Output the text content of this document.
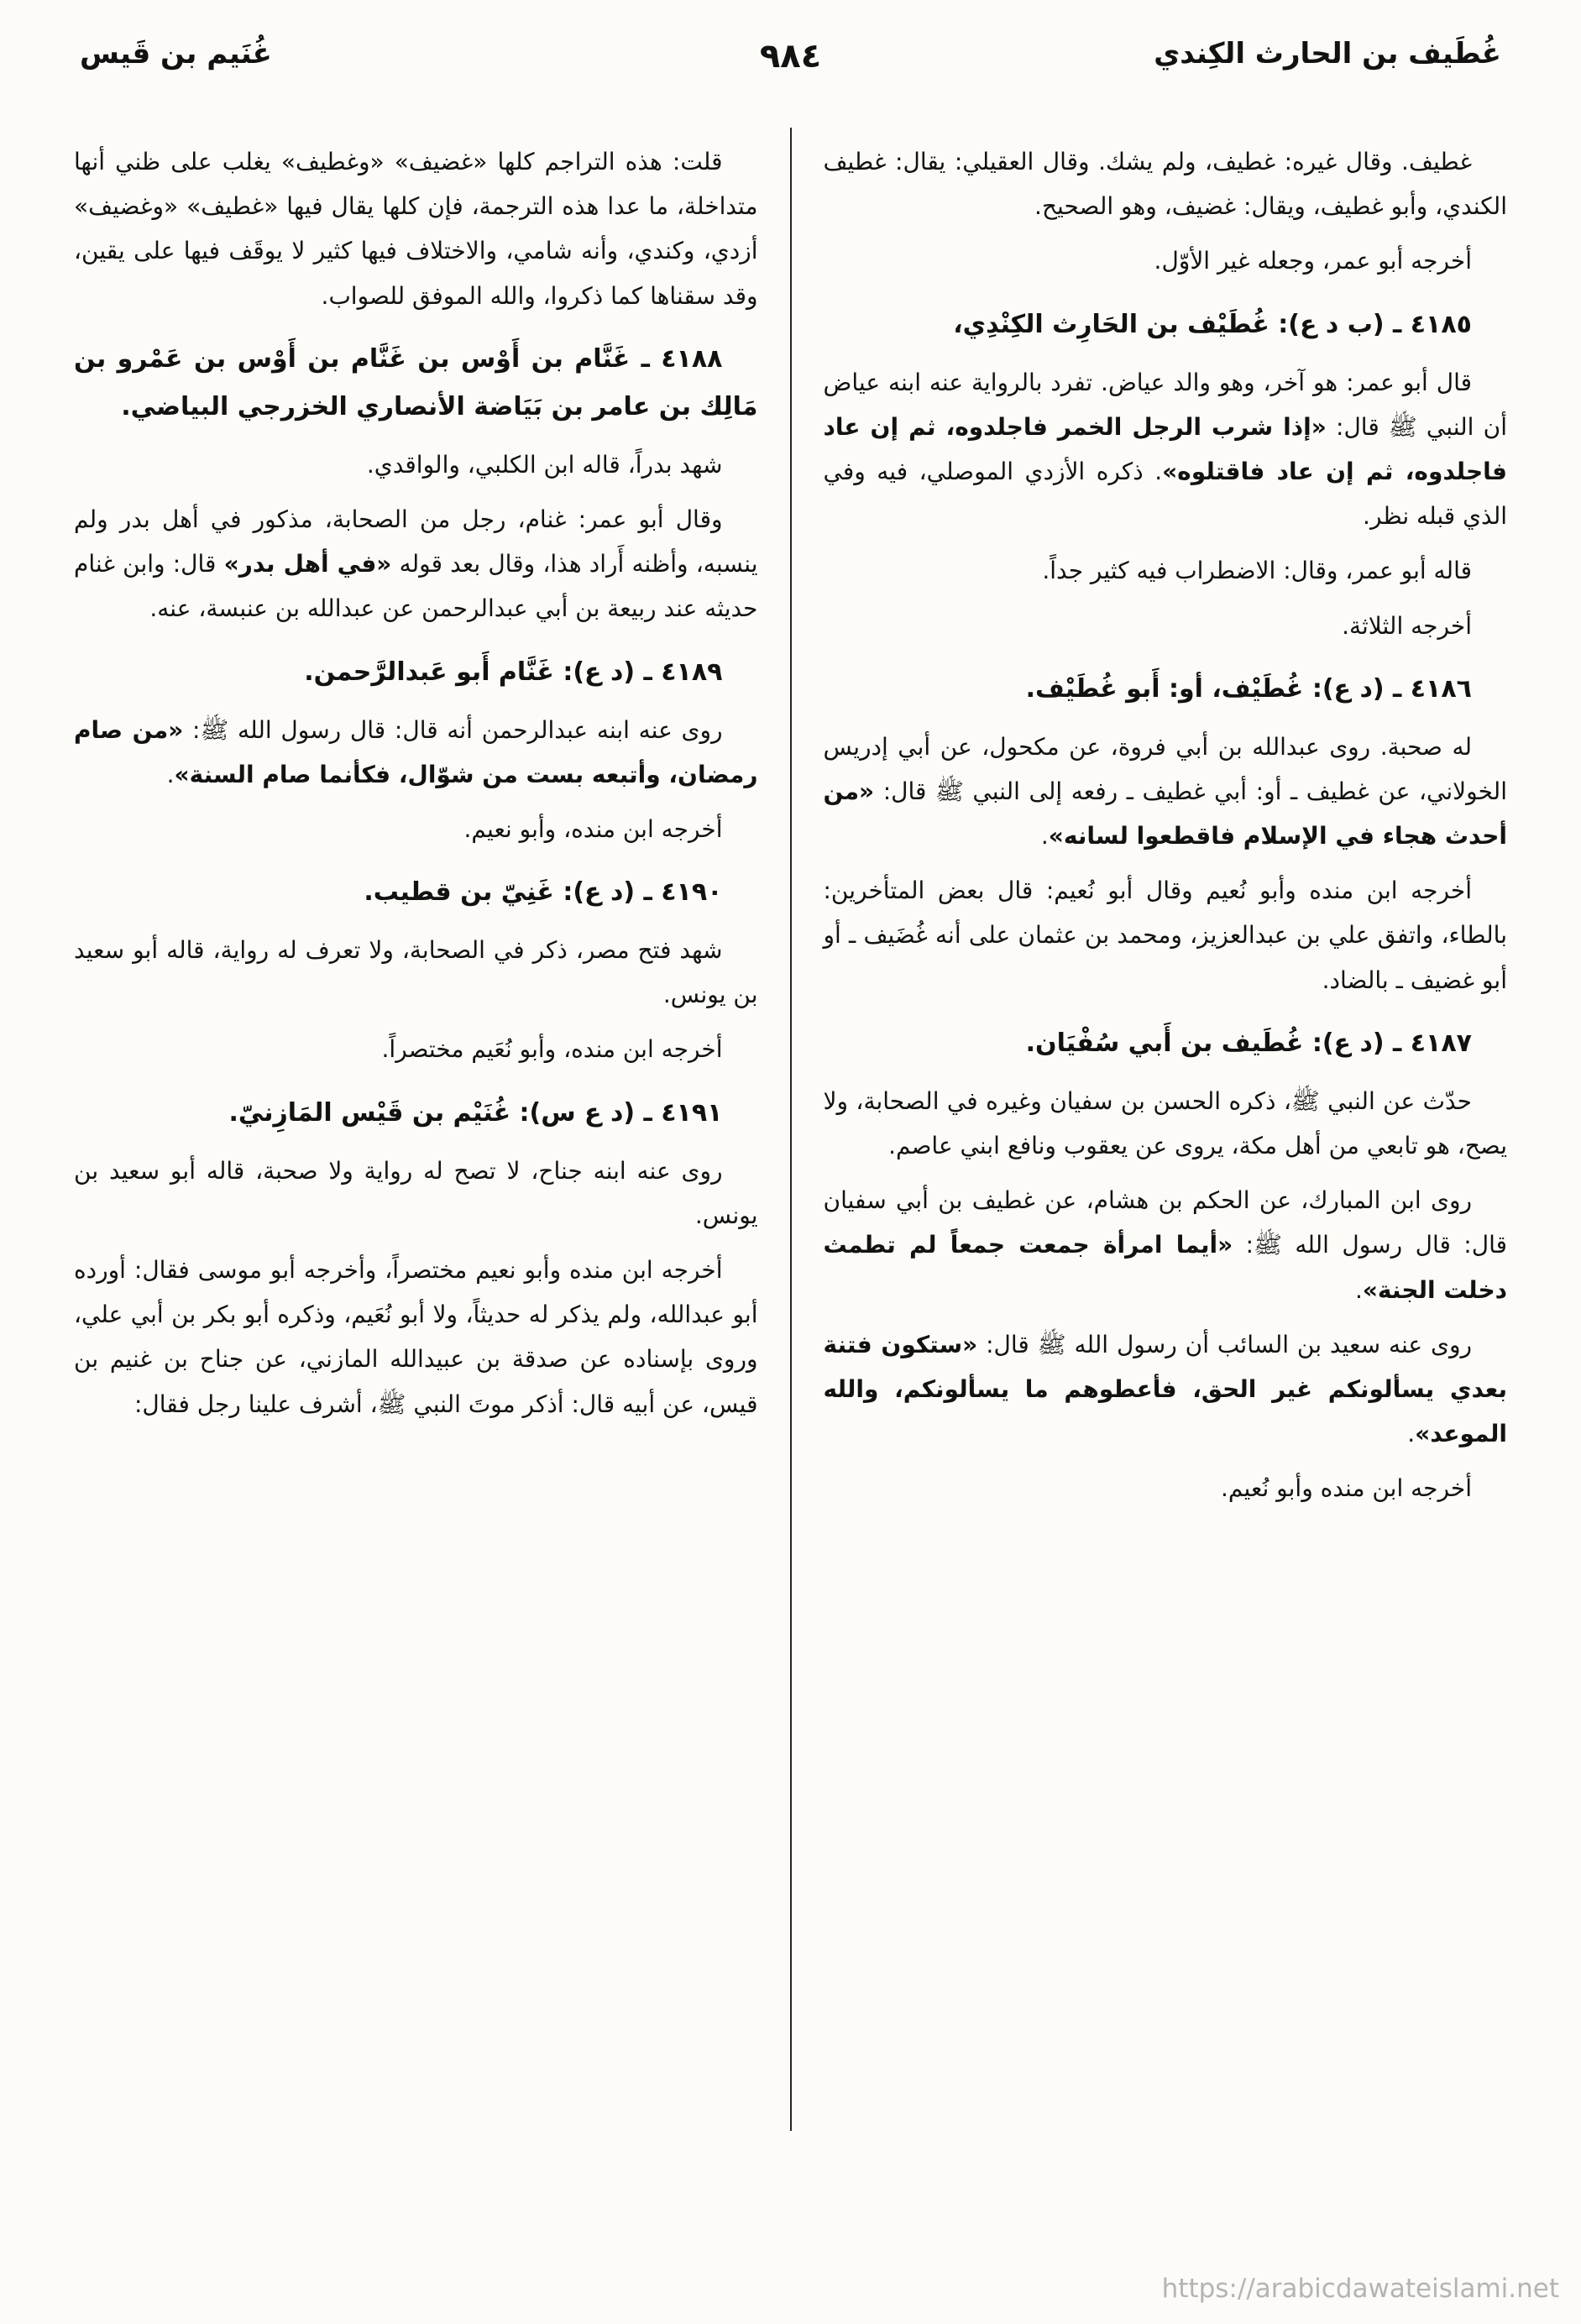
غُطَيف بن الحارث الكِندي
٩٨٤
غُنَيم بن قَيس

غطيف. وقال غيره: غطيف، ولم يشك. وقال العقيلي: يقال: غطيف الكندي، وأبو غطيف، ويقال: غضيف، وهو الصحيح.

أخرجه أبو عمر، وجعله غير الأوّل.

٤١٨٥ ـ (ب د ع): غُطَيْف بن الحَارِث الكِنْدِي،

قال أبو عمر: هو آخر، وهو والد عياض. تفرد بالرواية عنه ابنه عياض أن النبي ﷺ قال: «إذا شرب الرجل الخمر فاجلدوه، ثم إن عاد فاجلدوه، ثم إن عاد فاقتلوه». ذكره الأزدي الموصلي، فيه وفي الذي قبله نظر.

قاله أبو عمر، وقال: الاضطراب فيه كثير جداً.

أخرجه الثلاثة.

٤١٨٦ ـ (د ع): غُطَيْف، أو: أَبو غُطَيْف.

له صحبة. روى عبدالله بن أبي فروة، عن مكحول، عن أبي إدريس الخولاني، عن غطيف ـ أو: أبي غطيف ـ رفعه إلى النبي ﷺ قال: «من أحدث هجاء في الإسلام فاقطعوا لسانه».

أخرجه ابن منده وأبو نُعيم وقال أبو نُعيم: قال بعض المتأخرين: بالطاء، واتفق علي بن عبدالعزيز، ومحمد بن عثمان على أنه غُضَيف ـ أو أبو غضيف ـ بالضاد.

٤١٨٧ ـ (د ع): غُطَيف بن أَبي سُفْيَان.

حدّث عن النبي ﷺ، ذكره الحسن بن سفيان وغيره في الصحابة، ولا يصح، هو تابعي من أهل مكة، يروى عن يعقوب ونافع ابني عاصم.

روى ابن المبارك، عن الحكم بن هشام، عن غطيف بن أبي سفيان قال: قال رسول الله ﷺ: «أيما امرأة جمعت جمعاً لم تطمث دخلت الجنة».

روى عنه سعيد بن السائب أن رسول الله ﷺ قال: «ستكون فتنة بعدي يسألونكم غير الحق، فأعطوهم ما يسألونكم، والله الموعد».

أخرجه ابن منده وأبو نُعيم.

قلت: هذه التراجم كلها «غضيف» «وغطيف» يغلب على ظني أنها متداخلة، ما عدا هذه الترجمة، فإن كلها يقال فيها «غطيف» «وغضيف» أزدي، وكندي، وأنه شامي، والاختلاف فيها كثير لا يوقَف فيها على يقين، وقد سقناها كما ذكروا، والله الموفق للصواب.

٤١٨٨ ـ غَنَّام بن أَوْس بن غَنَّام بن أَوْس بن عَمْرو بن مَالِك بن عامر بن بَيَاضة الأنصاري الخزرجي البياضي.

شهد بدراً، قاله ابن الكلبي، والواقدي.

وقال أبو عمر: غنام، رجل من الصحابة، مذكور في أهل بدر ولم ينسبه، وأظنه أَراد هذا، وقال بعد قوله «في أهل بدر» قال: وابن غنام حديثه عند ربيعة بن أبي عبدالرحمن عن عبدالله بن عنبسة، عنه.

٤١٨٩ ـ (د ع): غَنَّام أَبو عَبدالرَّحمن.

روى عنه ابنه عبدالرحمن أنه قال: قال رسول الله ﷺ: «من صام رمضان، وأتبعه بست من شوّال، فكأنما صام السنة».

أخرجه ابن منده، وأبو نعيم.

٤١٩٠ ـ (د ع): غَنِيّ بن قطيب.

شهد فتح مصر، ذكر في الصحابة، ولا تعرف له رواية، قاله أبو سعيد بن يونس.

أخرجه ابن منده، وأبو نُعَيم مختصراً.

٤١٩١ ـ (د ع س): غُنَيْم بن قَيْس المَازِنيّ.

روى عنه ابنه جناح، لا تصح له رواية ولا صحبة، قاله أبو سعيد بن يونس.

أخرجه ابن منده وأبو نعيم مختصراً، وأخرجه أبو موسى فقال: أورده أبو عبدالله، ولم يذكر له حديثاً، ولا أبو نُعَيم، وذكره أبو بكر بن أبي علي، وروى بإسناده عن صدقة بن عبيدالله المازني، عن جناح بن غنيم بن قيس، عن أبيه قال: أذكر موتَ النبي ﷺ، أشرف علينا رجل فقال:

https://arabicdawateislami.net
